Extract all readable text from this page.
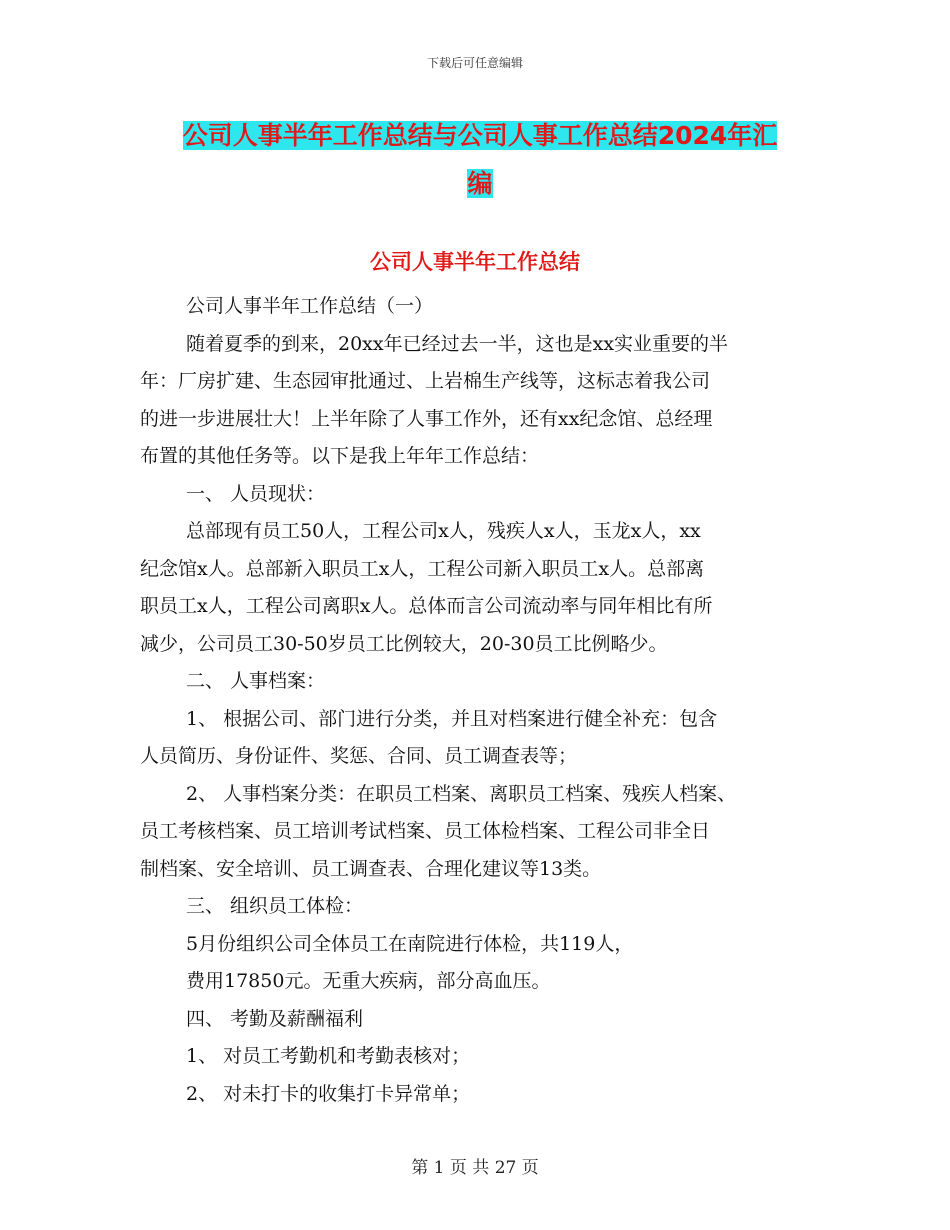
下载后可任意编辑
公司人事半年工作总结与公司人事工作总结2024年汇
编
公司人事半年工作总结
公司人事半年工作总结（一）
随着夏季的到来，20xx年已经过去一半，这也是xx实业重要的半
年：厂房扩建、生态园审批通过、上岩棉生产线等，这标志着我公司
的进一步进展壮大！上半年除了人事工作外，还有xx纪念馆、总经理
布置的其他任务等。以下是我上年年工作总结：
一、 人员现状：
总部现有员工50人，工程公司x人，残疾人x人，玉龙x人，xx
纪念馆x人。总部新入职员工x人，工程公司新入职员工x人。总部离
职员工x人，工程公司离职x人。总体而言公司流动率与同年相比有所
减少，公司员工30-50岁员工比例较大，20-30员工比例略少。
二、 人事档案：
1、 根据公司、部门进行分类，并且对档案进行健全补充：包含
人员简历、身份证件、奖惩、合同、员工调查表等；
2、 人事档案分类：在职员工档案、离职员工档案、残疾人档案、
员工考核档案、员工培训考试档案、员工体检档案、工程公司非全日
制档案、安全培训、员工调查表、合理化建议等13类。
三、 组织员工体检：
5月份组织公司全体员工在南院进行体检，共119人，
费用17850元。无重大疾病，部分高血压。
四、 考勤及薪酬福利
1、 对员工考勤机和考勤表核对；
2、 对未打卡的收集打卡异常单；
第 1 页 共 27 页
